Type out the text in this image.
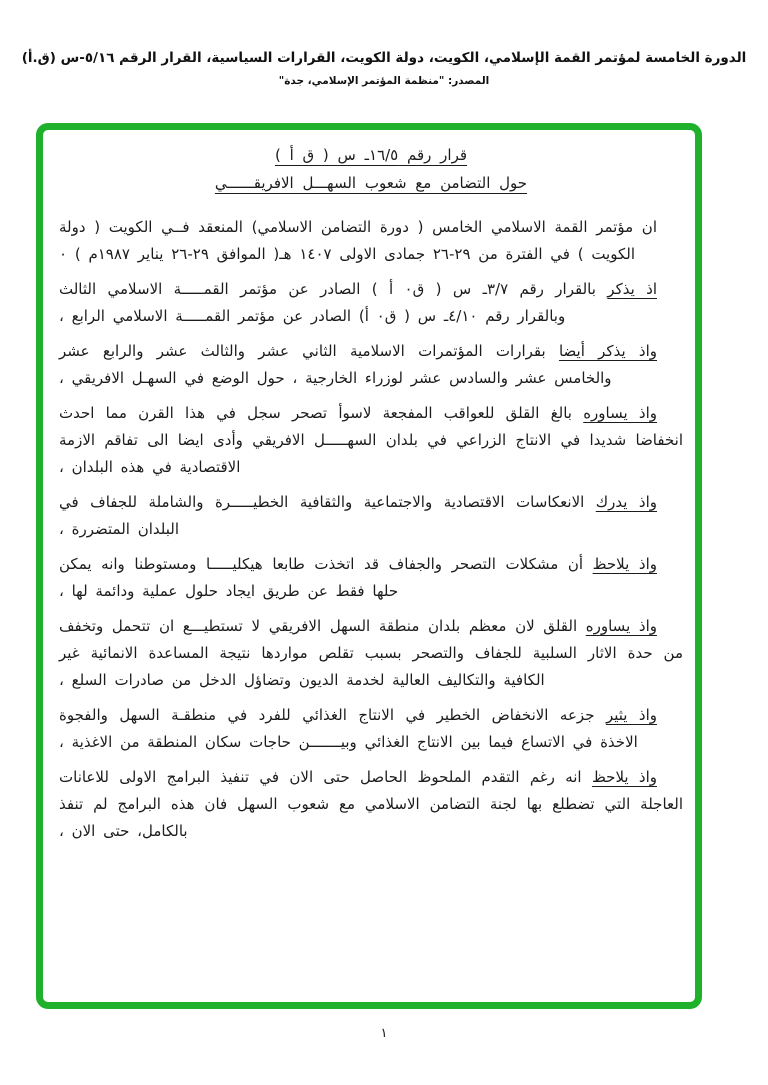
الدورة الخامسة لمؤتمر القمة الإسلامي، الكويت، دولة الكويت، القرارات السياسية، القرار الرقم ٥/١٦-س (ق.أ)
المصدر: "منظمة المؤتمر الإسلامي، جدة"
قرار رقم ١٦/٥ـ س ( ق أ )
حول التضامن مع شعوب السهـــل الافريقــــــي

ان مؤتمر القمة الاسلامي الخامس ( دورة التضامن الاسلامي) المنعقد فــي الكويت ( دولة الكويت ) في الفترة من ٢٦‎-‎٢٩ جمادى الاولى ١٤٠٧ هـ( الموافق ٢٦‎-‎٢٩ يناير ١٩٨٧م ) ٠

اذ يذكر بالقرار رقم ٣/٧ـ س ( ق٠ أ ) الصادر عن مؤتمر القمـــــة الاسلامي الثالث وبالقرار رقم ٤/١٠ـ س ( ق٠ أ) الصادر عن مؤتمر القمـــــة الاسلامي الرابع ،

واذ يذكر أيضا بقرارات المؤتمرات الاسلامية الثاني عشر والثالث عشر والرابع عشر والخامس عشر والسادس عشر لوزراء الخارجية ، حول الوضع في السهـل الافريقي ،

واذ يساوره بالغ القلق للعواقب المفجعة لاسوأ تصحر سجل في هذا القرن مما احدث انخفاضا شديدا في الانتاج الزراعي في بلدان السهـــــل الافريقي وأدى ايضا الى تفاقم الازمة الاقتصادية في هذه البلدان ،

واذ يدرك الانعكاسات الاقتصادية والاجتماعية والثقافية الخطيـــــرة والشاملة للجفاف في البلدان المتضررة ،

واذ يلاحظ أن مشكلات التصحر والجفاف قد اتخذت طابعا هيكليـــــا ومستوطنا وانه يمكن حلها فقط عن طريق ايجاد حلول عملية ودائمة لها ،

واذ يساوره القلق لان معظم بلدان منطقة السهل الافريقي لا تستطيـــع ان تتحمل وتخفف من حدة الاثار السلبية للجفاف والتصحر بسبب تقلص مواردها نتيجة المساعدة الانمائية غير الكافية والتكاليف العالية لخدمة الديون وتضاؤل الدخل من صادرات السلع ،

واذ يثير جزعه الانخفاض الخطير في الانتاج الغذائي للفرد في منطقـة السهل والفجوة الاخذة في الاتساع فيما بين الانتاج الغذائي وبيـــــــن حاجات سكان المنطقة من الاغذية ،

واذ يلاحظ انه رغم التقدم الملحوظ الحاصل حتى الان في تنفيذ البرامج الاولى للاعانات العاجلة التي تضطلع بها لجنة التضامن الاسلامي مع شعوب السهل فان هذه البرامج لم تنفذ بالكامل، حتى الان ،

١
